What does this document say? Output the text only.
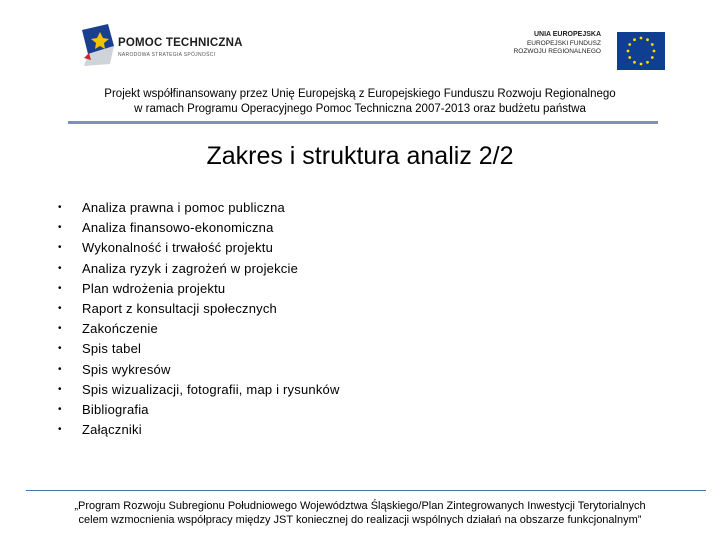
POMOC TECHNICZNA
NARODOWA STRATEGIA SPÓJNOŚCI
UNIA EUROPEJSKA
EUROPEJSKI FUNDUSZ
ROZWOJU REGIONALNEGO
Projekt współfinansowany przez Unię Europejską z Europejskiego Funduszu Rozwoju Regionalnego
w ramach Programu Operacyjnego Pomoc Techniczna 2007-2013 oraz budżetu państwa
Zakres i struktura analiz 2/2
• Analiza prawna i pomoc publiczna
• Analiza finansowo-ekonomiczna
• Wykonalność i trwałość projektu
• Analiza ryzyk i zagrożeń w projekcie
• Plan wdrożenia projektu
• Raport z konsultacji społecznych
• Zakończenie
• Spis tabel
• Spis wykresów
• Spis wizualizacji, fotografii, map i rysunków
• Bibliografia
• Załączniki
„Program Rozwoju Subregionu Południowego Województwa Śląskiego/Plan Zintegrowanych Inwestycji Terytorialnych
celem wzmocnienia współpracy między JST koniecznej do realizacji wspólnych działań na obszarze funkcjonalnym”
